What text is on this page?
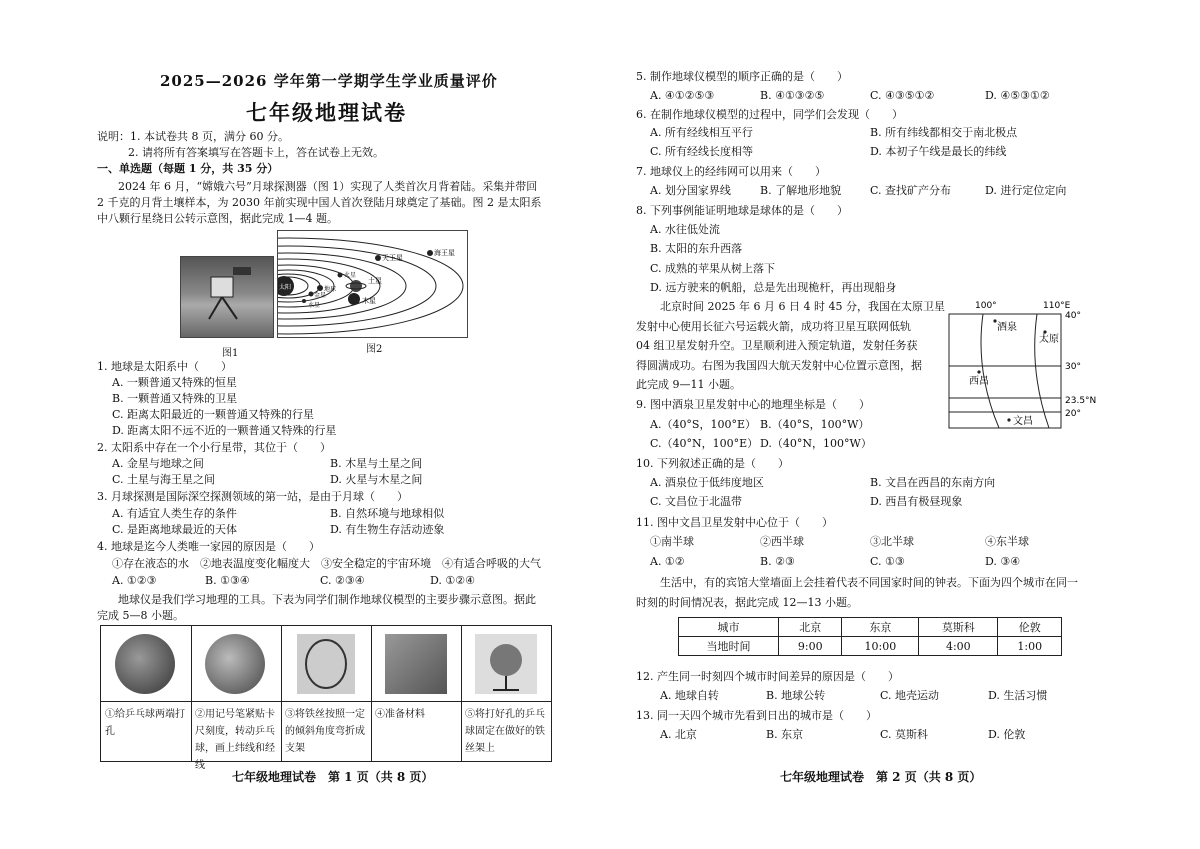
2025—2026 学年第一学期学生学业质量评价
七年级地理试卷
说明：1. 本试卷共 8 页，满分 60 分。
2. 请将所有答案填写在答题卡上，答在试卷上无效。
一、单选题（每题 1 分，共 35 分）
2024 年 6 月，“嫦娥六号”月球探测器（图 1）实现了人类首次月背着陆。采集并带回
2 千克的月背土壤样本，为 2030 年前实现中国人首次登陆月球奠定了基础。图 2 是太阳系
中八颗行星绕日公转示意图，据此完成 1—4 题。
图1
天王星
海王星
土星
火星
地球
金星
木星
水星
太阳
图2
1. 地球是太阳系中（　　）
A. 一颗普通又特殊的恒星
B. 一颗普通又特殊的卫星
C. 距离太阳最近的一颗普通又特殊的行星
D. 距离太阳不远不近的一颗普通又特殊的行星
2. 太阳系中存在一个小行星带，其位于（　　）
A. 金星与地球之间	B. 木星与土星之间
C. 土星与海王星之间	D. 火星与木星之间
3. 月球探测是国际深空探测领域的第一站，是由于月球（　　）
A. 有适宜人类生存的条件	B. 自然环境与地球相似
C. 是距离地球最近的天体	D. 有生物生存活动迹象
4. 地球是迄今人类唯一家园的原因是（　　）
①存在液态的水　②地表温度变化幅度大　③安全稳定的宇宙环境　④有适合呼吸的大气
A. ①②③	B. ①③④	C. ②③④	D. ①②④
地球仪是我们学习地理的工具。下表为同学们制作地球仪模型的主要步骤示意图。据此
完成 5—8 小题。
①给乒乓球两端打孔
②用记号笔紧贴卡尺刻度，转动乒乓球，画上纬线和经线
③将铁丝按照一定的倾斜角度弯折成支架
④准备材料	⑤将打好孔的乒乓球固定在做好的铁丝架上
七年级地理试卷　第 1 页（共 8 页）
5. 制作地球仪模型的顺序正确的是（　　）
A. ④①②⑤③	B. ④①③②⑤	C. ④③⑤①②	D. ④⑤③①②
6. 在制作地球仪模型的过程中，同学们会发现（　　）
A. 所有经线相互平行	B. 所有纬线都相交于南北极点
C. 所有经线长度相等	D. 本初子午线是最长的纬线
7. 地球仪上的经纬网可以用来（　　）
A. 划分国家界线	B. 了解地形地貌	C. 查找矿产分布	D. 进行定位定向
8. 下列事例能证明地球是球体的是（　　）
A. 水往低处流
B. 太阳的东升西落
C. 成熟的苹果从树上落下
D. 远方驶来的帆船，总是先出现桅杆，再出现船身
北京时间 2025 年 6 月 6 日 4 时 45 分，我国在太原卫星
发射中心使用长征六号运载火箭，成功将卫星互联网低轨
04 组卫星发射升空。卫星顺利进入预定轨道，发射任务获
得圆满成功。右图为我国四大航天发射中心位置示意图，据
此完成 9—11 小题。
100°	110°E
40°
30°
23.5°N
20°
酒泉
太原
西昌
文昌
9. 图中酒泉卫星发射中心的地理坐标是（　　）
A.（40°S，100°E） B.（40°S，100°W）
C.（40°N，100°E） D.（40°N，100°W）
10. 下列叙述正确的是（　　）
A. 酒泉位于低纬度地区	B. 文昌在西昌的东南方向
C. 文昌位于北温带	D. 西昌有极昼现象
11. 图中文昌卫星发射中心位于（　　）
①南半球	②西半球	③北半球	④东半球
A. ①②	B. ②③	C. ①③	D. ③④
生活中，有的宾馆大堂墙面上会挂着代表不同国家时间的钟表。下面为四个城市在同一
时刻的时间情况表，据此完成 12—13 小题。
城市	北京	东京	莫斯科	伦敦
当地时间	9:00	10:00	4:00	1:00
12. 产生同一时刻四个城市时间差异的原因是（　　）
A. 地球自转	B. 地球公转	C. 地壳运动	D. 生活习惯
13. 同一天四个城市先看到日出的城市是（　　）
A. 北京	B. 东京	C. 莫斯科	D. 伦敦
七年级地理试卷　第 2 页（共 8 页）
